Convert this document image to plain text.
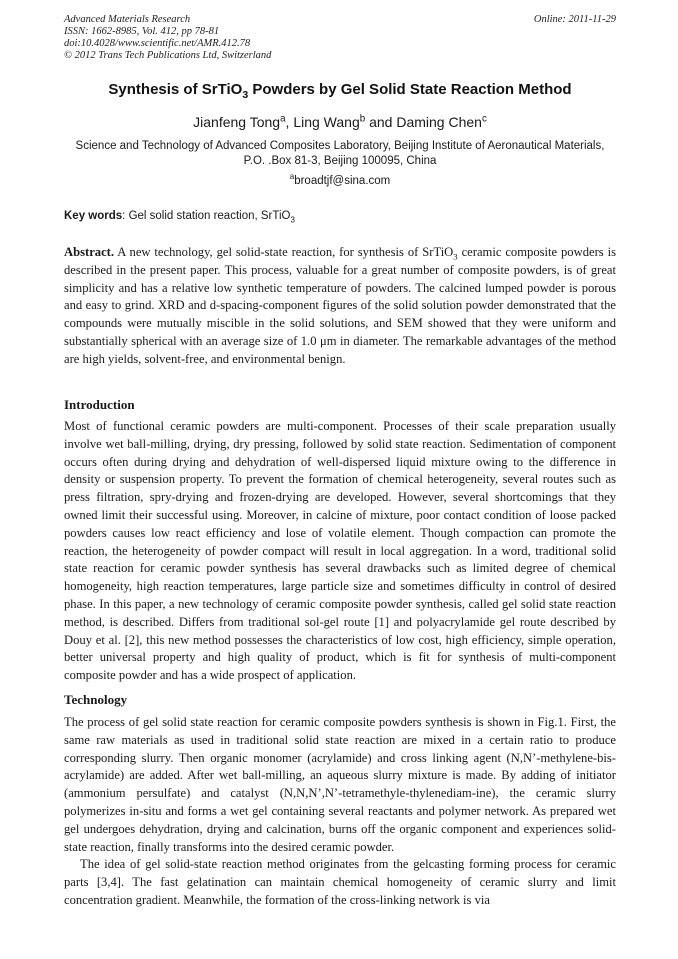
Advanced Materials Research
ISSN: 1662-8985, Vol. 412, pp 78-81
doi:10.4028/www.scientific.net/AMR.412.78
© 2012 Trans Tech Publications Ltd, Switzerland
Online: 2011-11-29
Synthesis of SrTiO$_3$ Powders by Gel Solid State Reaction Method
Jianfeng Tong$^a$, Ling Wang$^b$ and Daming Chen$^c$
Science and Technology of Advanced Composites Laboratory, Beijing Institute of Aeronautical Materials, P.O. .Box 81-3, Beijing 100095, China
$^a$broadtjf@sina.com
Key words: Gel solid station reaction, SrTiO$_3$
Abstract. A new technology, gel solid-state reaction, for synthesis of SrTiO$_3$ ceramic composite powders is described in the present paper. This process, valuable for a great number of composite powders, is of great simplicity and has a relative low synthetic temperature of powders. The calcined lumped powder is porous and easy to grind. XRD and d-spacing-component figures of the solid solution powder demonstrated that the compounds were mutually miscible in the solid solutions, and SEM showed that they were uniform and substantially spherical with an average size of 1.0 μm in diameter. The remarkable advantages of the method are high yields, solvent-free, and environmental benign.
Introduction
Most of functional ceramic powders are multi-component. Processes of their scale preparation usually involve wet ball-milling, drying, dry pressing, followed by solid state reaction. Sedimentation of component occurs often during drying and dehydration of well-dispersed liquid mixture owing to the difference in density or suspension property. To prevent the formation of chemical heterogeneity, several routes such as press filtration, spry-drying and frozen-drying are developed. However, several shortcomings that they owned limit their successful using. Moreover, in calcine of mixture, poor contact condition of loose packed powders causes low react efficiency and lose of volatile element. Though compaction can promote the reaction, the heterogeneity of powder compact will result in local aggregation. In a word, traditional solid state reaction for ceramic powder synthesis has several drawbacks such as limited degree of chemical homogeneity, high reaction temperatures, large particle size and sometimes difficulty in control of desired phase. In this paper, a new technology of ceramic composite powder synthesis, called gel solid state reaction method, is described. Differs from traditional sol-gel route [1] and polyacrylamide gel route described by Douy et al. [2], this new method possesses the characteristics of low cost, high efficiency, simple operation, better universal property and high quality of product, which is fit for synthesis of multi-component composite powder and has a wide prospect of application.
Technology

The process of gel solid state reaction for ceramic composite powders synthesis is shown in Fig.1. First, the same raw materials as used in traditional solid state reaction are mixed in a certain ratio to produce corresponding slurry. Then organic monomer (acrylamide) and cross linking agent (N,N’-methylene-bis-acrylamide) are added. After wet ball-milling, an aqueous slurry mixture is made. By adding of initiator (ammonium persulfate) and catalyst (N,N,N’,N’-tetramethyle-thylenediam-ine), the ceramic slurry polymerizes in-situ and forms a wet gel containing several reactants and polymer network. As prepared wet gel undergoes dehydration, drying and calcination, burns off the organic component and experiences solid-state reaction, finally transforms into the desired ceramic powder.

The idea of gel solid-state reaction method originates from the gelcasting forming process for ceramic parts [3,4]. The fast gelatination can maintain chemical homogeneity of ceramic slurry and limit concentration gradient. Meanwhile, the formation of the cross-linking network is via
